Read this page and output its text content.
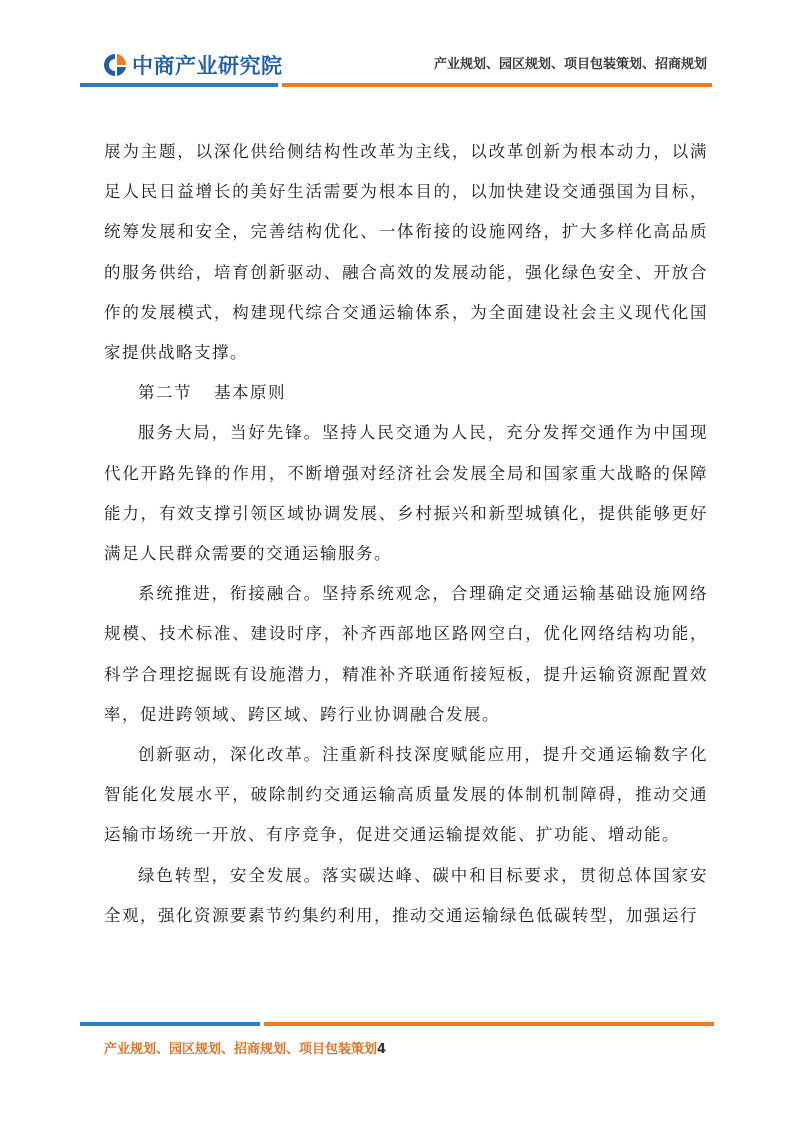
中商产业研究院	产业规划、园区规划、项目包装策划、招商规划

展为主题，以深化供给侧结构性改革为主线，以改革创新为根本动力，以满足人民日益增长的美好生活需要为根本目的，以加快建设交通强国为目标，统筹发展和安全，完善结构优化、一体衔接的设施网络，扩大多样化高品质的服务供给，培育创新驱动、融合高效的发展动能，强化绿色安全、开放合作的发展模式，构建现代综合交通运输体系，为全面建设社会主义现代化国家提供战略支撑。

第二节 基本原则

服务大局，当好先锋。坚持人民交通为人民，充分发挥交通作为中国现代化开路先锋的作用，不断增强对经济社会发展全局和国家重大战略的保障能力，有效支撑引领区域协调发展、乡村振兴和新型城镇化，提供能够更好满足人民群众需要的交通运输服务。

系统推进，衔接融合。坚持系统观念，合理确定交通运输基础设施网络规模、技术标准、建设时序，补齐西部地区路网空白，优化网络结构功能，科学合理挖掘既有设施潜力，精准补齐联通衔接短板，提升运输资源配置效率，促进跨领域、跨区域、跨行业协调融合发展。

创新驱动，深化改革。注重新科技深度赋能应用，提升交通运输数字化智能化发展水平，破除制约交通运输高质量发展的体制机制障碍，推动交通运输市场统一开放、有序竞争，促进交通运输提效能、扩功能、增动能。

绿色转型，安全发展。落实碳达峰、碳中和目标要求，贯彻总体国家安全观，强化资源要素节约集约利用，推动交通运输绿色低碳转型，加强运行

产业规划、园区规划、招商规划、项目包装策划4
